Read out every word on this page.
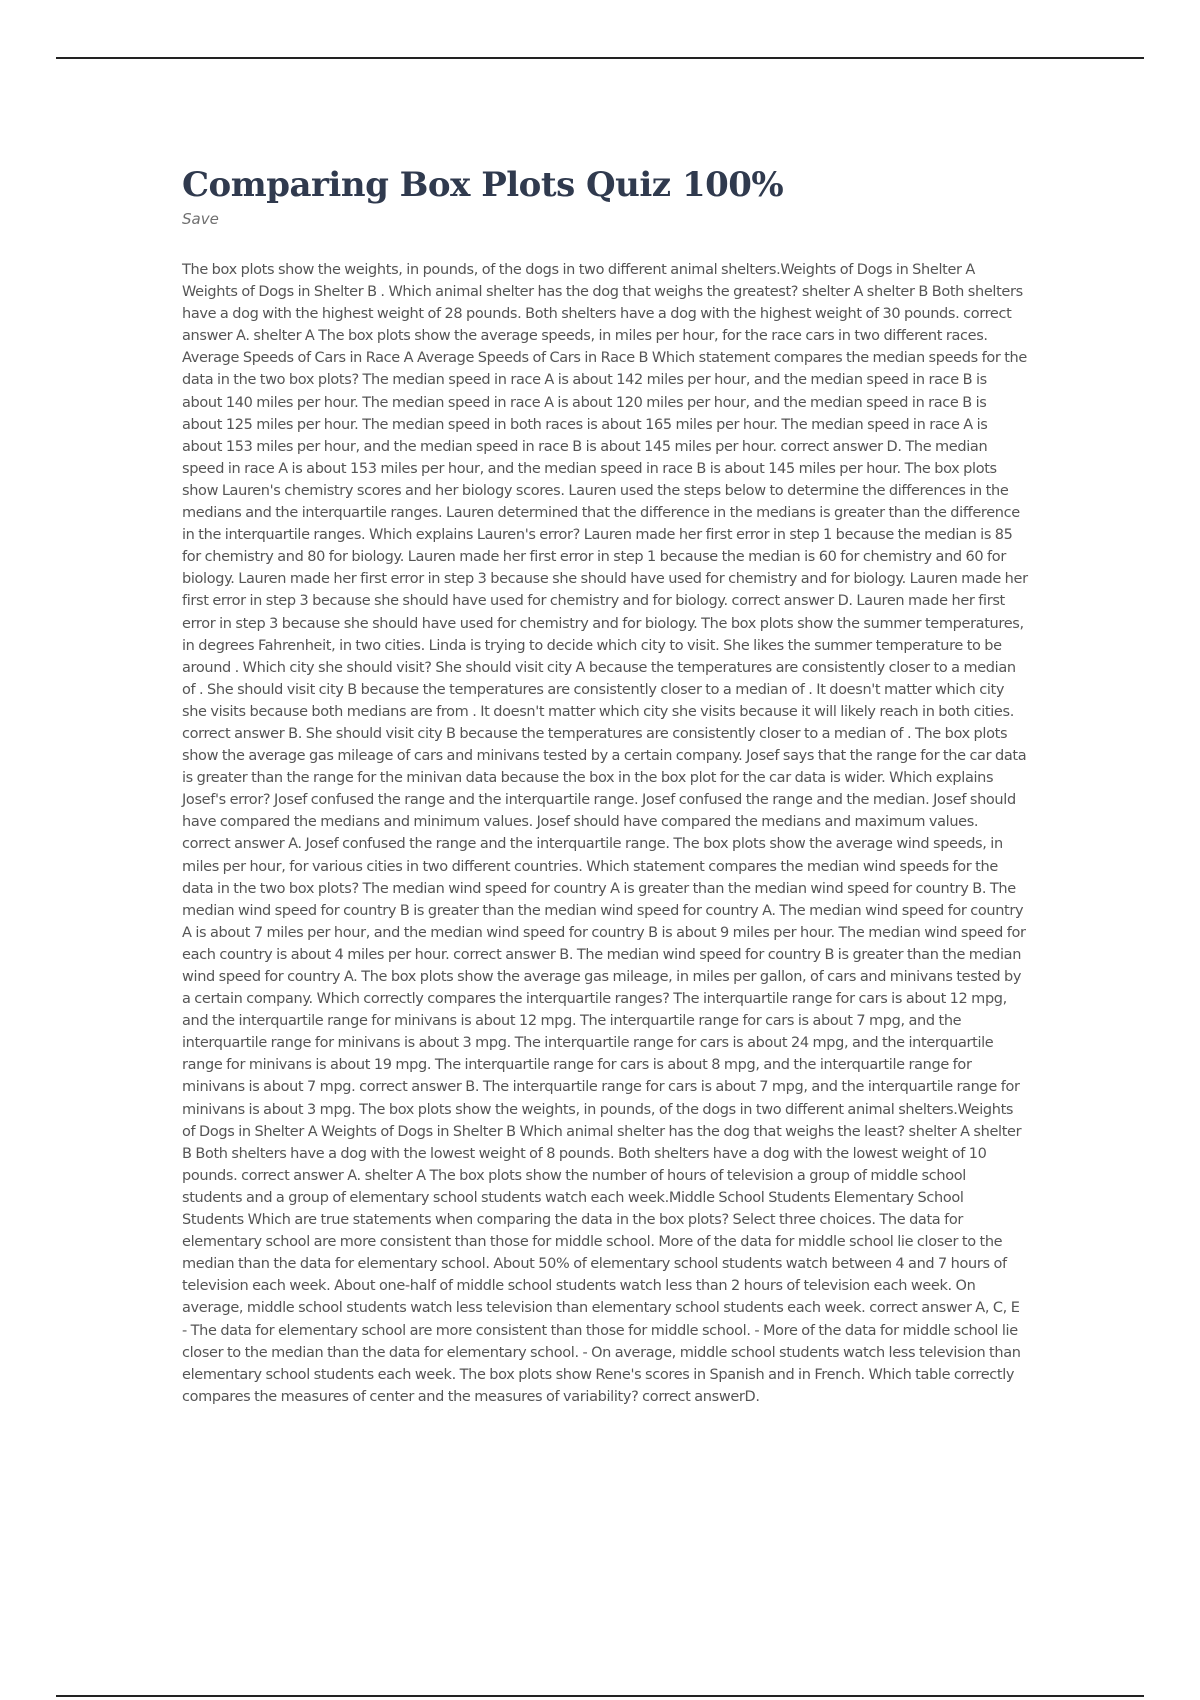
Comparing Box Plots Quiz 100%
Save

The box plots show the weights, in pounds, of the dogs in two different animal shelters.Weights of Dogs in Shelter A Weights of Dogs in Shelter B . Which animal shelter has the dog that weighs the greatest? shelter A shelter B Both shelters have a dog with the highest weight of 28 pounds. Both shelters have a dog with the highest weight of 30 pounds. correct answer A. shelter A The box plots show the average speeds, in miles per hour, for the race cars in two different races. Average Speeds of Cars in Race A Average Speeds of Cars in Race B Which statement compares the median speeds for the data in the two box plots? The median speed in race A is about 142 miles per hour, and the median speed in race B is about 140 miles per hour. The median speed in race A is about 120 miles per hour, and the median speed in race B is about 125 miles per hour. The median speed in both races is about 165 miles per hour. The median speed in race A is about 153 miles per hour, and the median speed in race B is about 145 miles per hour. correct answer D. The median speed in race A is about 153 miles per hour, and the median speed in race B is about 145 miles per hour. The box plots show Lauren's chemistry scores and her biology scores. Lauren used the steps below to determine the differences in the medians and the interquartile ranges. Lauren determined that the difference in the medians is greater than the difference in the interquartile ranges. Which explains Lauren's error? Lauren made her first error in step 1 because the median is 85 for chemistry and 80 for biology. Lauren made her first error in step 1 because the median is 60 for chemistry and 60 for biology. Lauren made her first error in step 3 because she should have used for chemistry and for biology. Lauren made her first error in step 3 because she should have used for chemistry and for biology. correct answer D. Lauren made her first error in step 3 because she should have used for chemistry and for biology. The box plots show the summer temperatures, in degrees Fahrenheit, in two cities. Linda is trying to decide which city to visit. She likes the summer temperature to be around . Which city she should visit? She should visit city A because the temperatures are consistently closer to a median of . She should visit city B because the temperatures are consistently closer to a median of . It doesn't matter which city she visits because both medians are from . It doesn't matter which city she visits because it will likely reach in both cities. correct answer B. She should visit city B because the temperatures are consistently closer to a median of . The box plots show the average gas mileage of cars and minivans tested by a certain company. Josef says that the range for the car data is greater than the range for the minivan data because the box in the box plot for the car data is wider. Which explains Josef's error? Josef confused the range and the interquartile range. Josef confused the range and the median. Josef should have compared the medians and minimum values. Josef should have compared the medians and maximum values. correct answer A. Josef confused the range and the interquartile range. The box plots show the average wind speeds, in miles per hour, for various cities in two different countries. Which statement compares the median wind speeds for the data in the two box plots? The median wind speed for country A is greater than the median wind speed for country B. The median wind speed for country B is greater than the median wind speed for country A. The median wind speed for country A is about 7 miles per hour, and the median wind speed for country B is about 9 miles per hour. The median wind speed for each country is about 4 miles per hour. correct answer B. The median wind speed for country B is greater than the median wind speed for country A. The box plots show the average gas mileage, in miles per gallon, of cars and minivans tested by a certain company. Which correctly compares the interquartile ranges? The interquartile range for cars is about 12 mpg, and the interquartile range for minivans is about 12 mpg. The interquartile range for cars is about 7 mpg, and the interquartile range for minivans is about 3 mpg. The interquartile range for cars is about 24 mpg, and the interquartile range for minivans is about 19 mpg. The interquartile range for cars is about 8 mpg, and the interquartile range for minivans is about 7 mpg. correct answer B. The interquartile range for cars is about 7 mpg, and the interquartile range for minivans is about 3 mpg. The box plots show the weights, in pounds, of the dogs in two different animal shelters.Weights of Dogs in Shelter A Weights of Dogs in Shelter B Which animal shelter has the dog that weighs the least? shelter A shelter B Both shelters have a dog with the lowest weight of 8 pounds. Both shelters have a dog with the lowest weight of 10 pounds. correct answer A. shelter A The box plots show the number of hours of television a group of middle school students and a group of elementary school students watch each week.Middle School Students Elementary School Students Which are true statements when comparing the data in the box plots? Select three choices. The data for elementary school are more consistent than those for middle school. More of the data for middle school lie closer to the median than the data for elementary school. About 50% of elementary school students watch between 4 and 7 hours of television each week. About one-half of middle school students watch less than 2 hours of television each week. On average, middle school students watch less television than elementary school students each week. correct answer A, C, E - The data for elementary school are more consistent than those for middle school. - More of the data for middle school lie closer to the median than the data for elementary school. - On average, middle school students watch less television than elementary school students each week. The box plots show Rene's scores in Spanish and in French. Which table correctly compares the measures of center and the measures of variability? correct answerD.
